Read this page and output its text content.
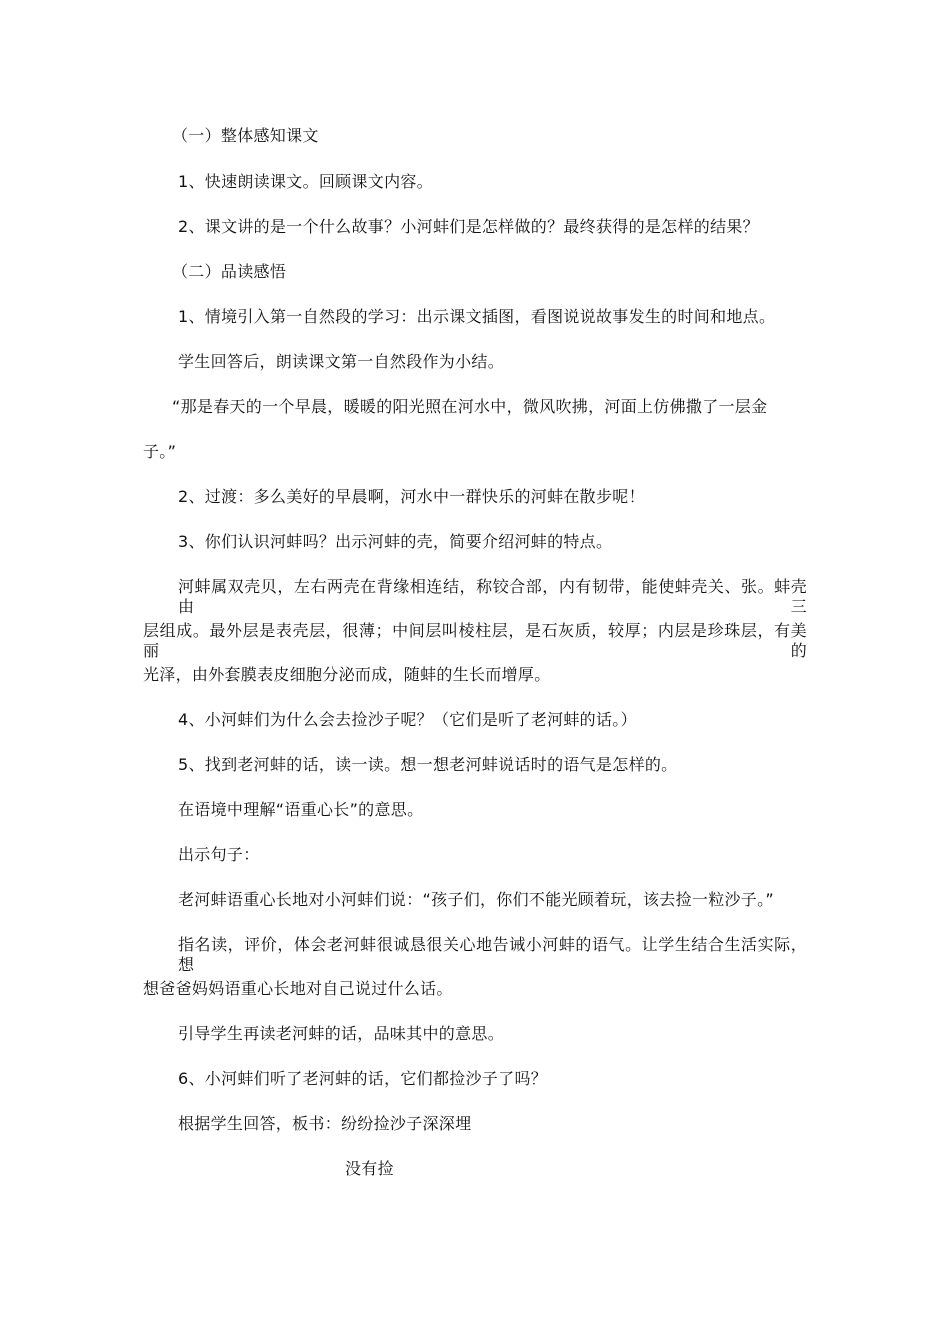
（一）整体感知课文
1、快速朗读课文。回顾课文内容。
2、课文讲的是一个什么故事？小河蚌们是怎样做的？最终获得的是怎样的结果？
（二）品读感悟
1、情境引入第一自然段的学习：出示课文插图，看图说说故事发生的时间和地点。
学生回答后，朗读课文第一自然段作为小结。
“那是春天的一个早晨，暖暖的阳光照在河水中，微风吹拂，河面上仿佛撒了一层金
子。”
2、过渡：多么美好的早晨啊，河水中一群快乐的河蚌在散步呢！
3、你们认识河蚌吗？出示河蚌的壳，简要介绍河蚌的特点。
河蚌属双壳贝，左右两壳在背缘相连结，称铰合部，内有韧带，能使蚌壳关、张。蚌壳由三
层组成。最外层是表壳层，很薄；中间层叫棱柱层，是石灰质，较厚；内层是珍珠层，有美丽的
光泽，由外套膜表皮细胞分泌而成，随蚌的生长而增厚。
4、小河蚌们为什么会去捡沙子呢？（它们是听了老河蚌的话。）
5、找到老河蚌的话，读一读。想一想老河蚌说话时的语气是怎样的。
在语境中理解“语重心长”的意思。
出示句子：
老河蚌语重心长地对小河蚌们说：“孩子们，你们不能光顾着玩，该去捡一粒沙子。”
指名读，评价，体会老河蚌很诚恳很关心地告诫小河蚌的语气。让学生结合生活实际，想
想爸爸妈妈语重心长地对自己说过什么话。
引导学生再读老河蚌的话，品味其中的意思。
6、小河蚌们听了老河蚌的话，它们都捡沙子了吗？
根据学生回答，板书：纷纷捡沙子深深埋
没有捡
